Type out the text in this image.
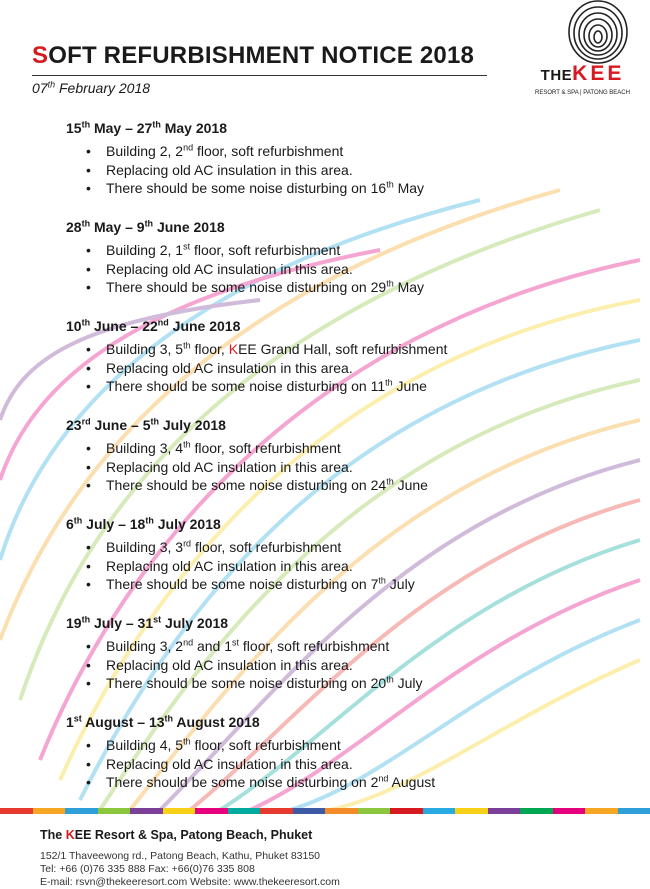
SOFT REFURBISHMENT NOTICE 2018
07th February 2018
THEKEE
RESORT & SPA | PATONG BEACH
15th May – 27th May 2018
• Building 2, 2nd floor, soft refurbishment
• Replacing old AC insulation in this area.
• There should be some noise disturbing on 16th May
28th May – 9th June 2018
• Building 2, 1st floor, soft refurbishment
• Replacing old AC insulation in this area.
• There should be some noise disturbing on 29th May
10th June – 22nd June 2018
• Building 3, 5th floor, KEE Grand Hall, soft refurbishment
• Replacing old AC insulation in this area.
• There should be some noise disturbing on 11th June
23rd June – 5th July 2018
• Building 3, 4th floor, soft refurbishment
• Replacing old AC insulation in this area.
• There should be some noise disturbing on 24th June
6th July – 18th July 2018
• Building 3, 3rd floor, soft refurbishment
• Replacing old AC insulation in this area.
• There should be some noise disturbing on 7th July
19th July – 31st July 2018
• Building 3, 2nd and 1st floor, soft refurbishment
• Replacing old AC insulation in this area.
• There should be some noise disturbing on 20th July
1st August – 13th August 2018
• Building 4, 5th floor, soft refurbishment
• Replacing old AC insulation in this area.
• There should be some noise disturbing on 2nd August
The KEE Resort & Spa, Patong Beach, Phuket
152/1 Thaveewong rd., Patong Beach, Kathu, Phuket 83150
Tel: +66 (0)76 335 888 Fax: +66(0)76 335 808
E-mail: rsvn@thekeeresort.com Website: www.thekeeresort.com
